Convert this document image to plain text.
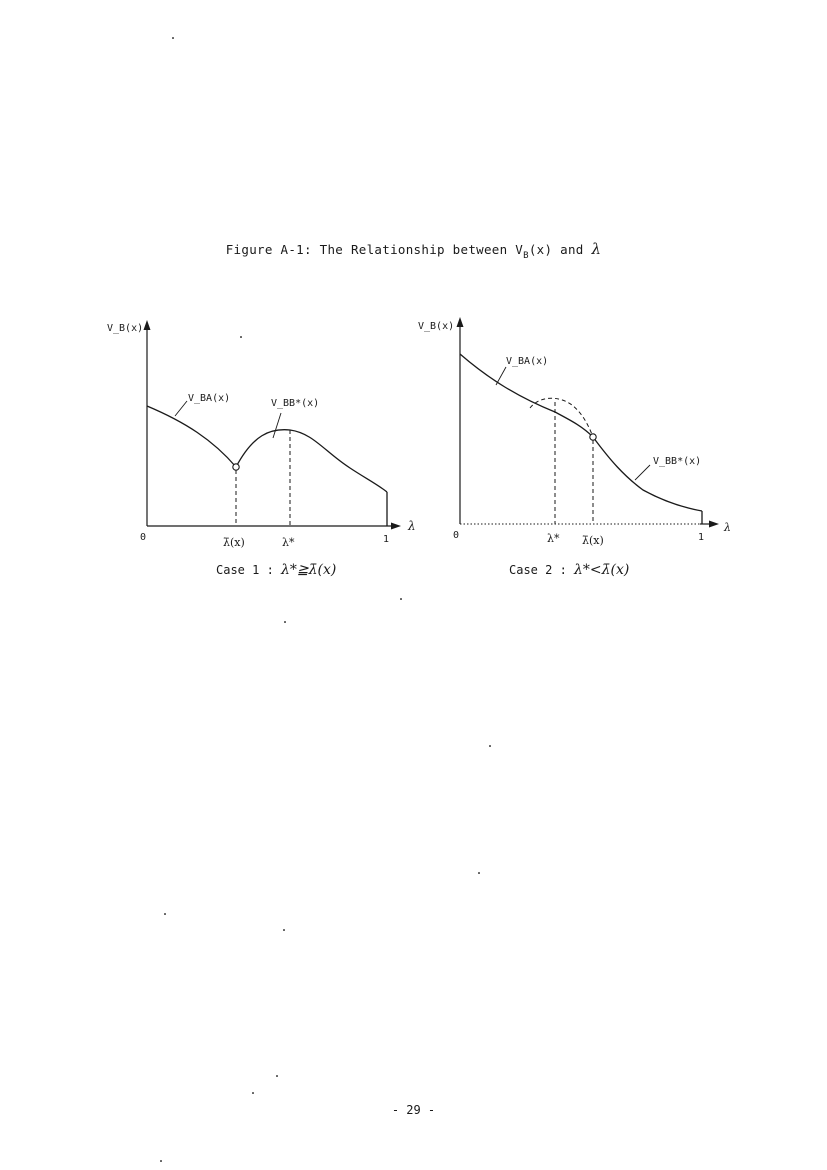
Figure A-1: The Relationship between $V_B(x)$ and λ
V_B(x)
V_BA(x)	V_BB*(x)
λ
0	1
λ̄(x)	λ*
V_B(x)
V_BA(x)
V_BB*(x)
λ
0	1
λ* λ̄(x)
Case 1 : λ*≧λ̄(x)	Case 2 : λ*<λ̄(x)
- 29 -
